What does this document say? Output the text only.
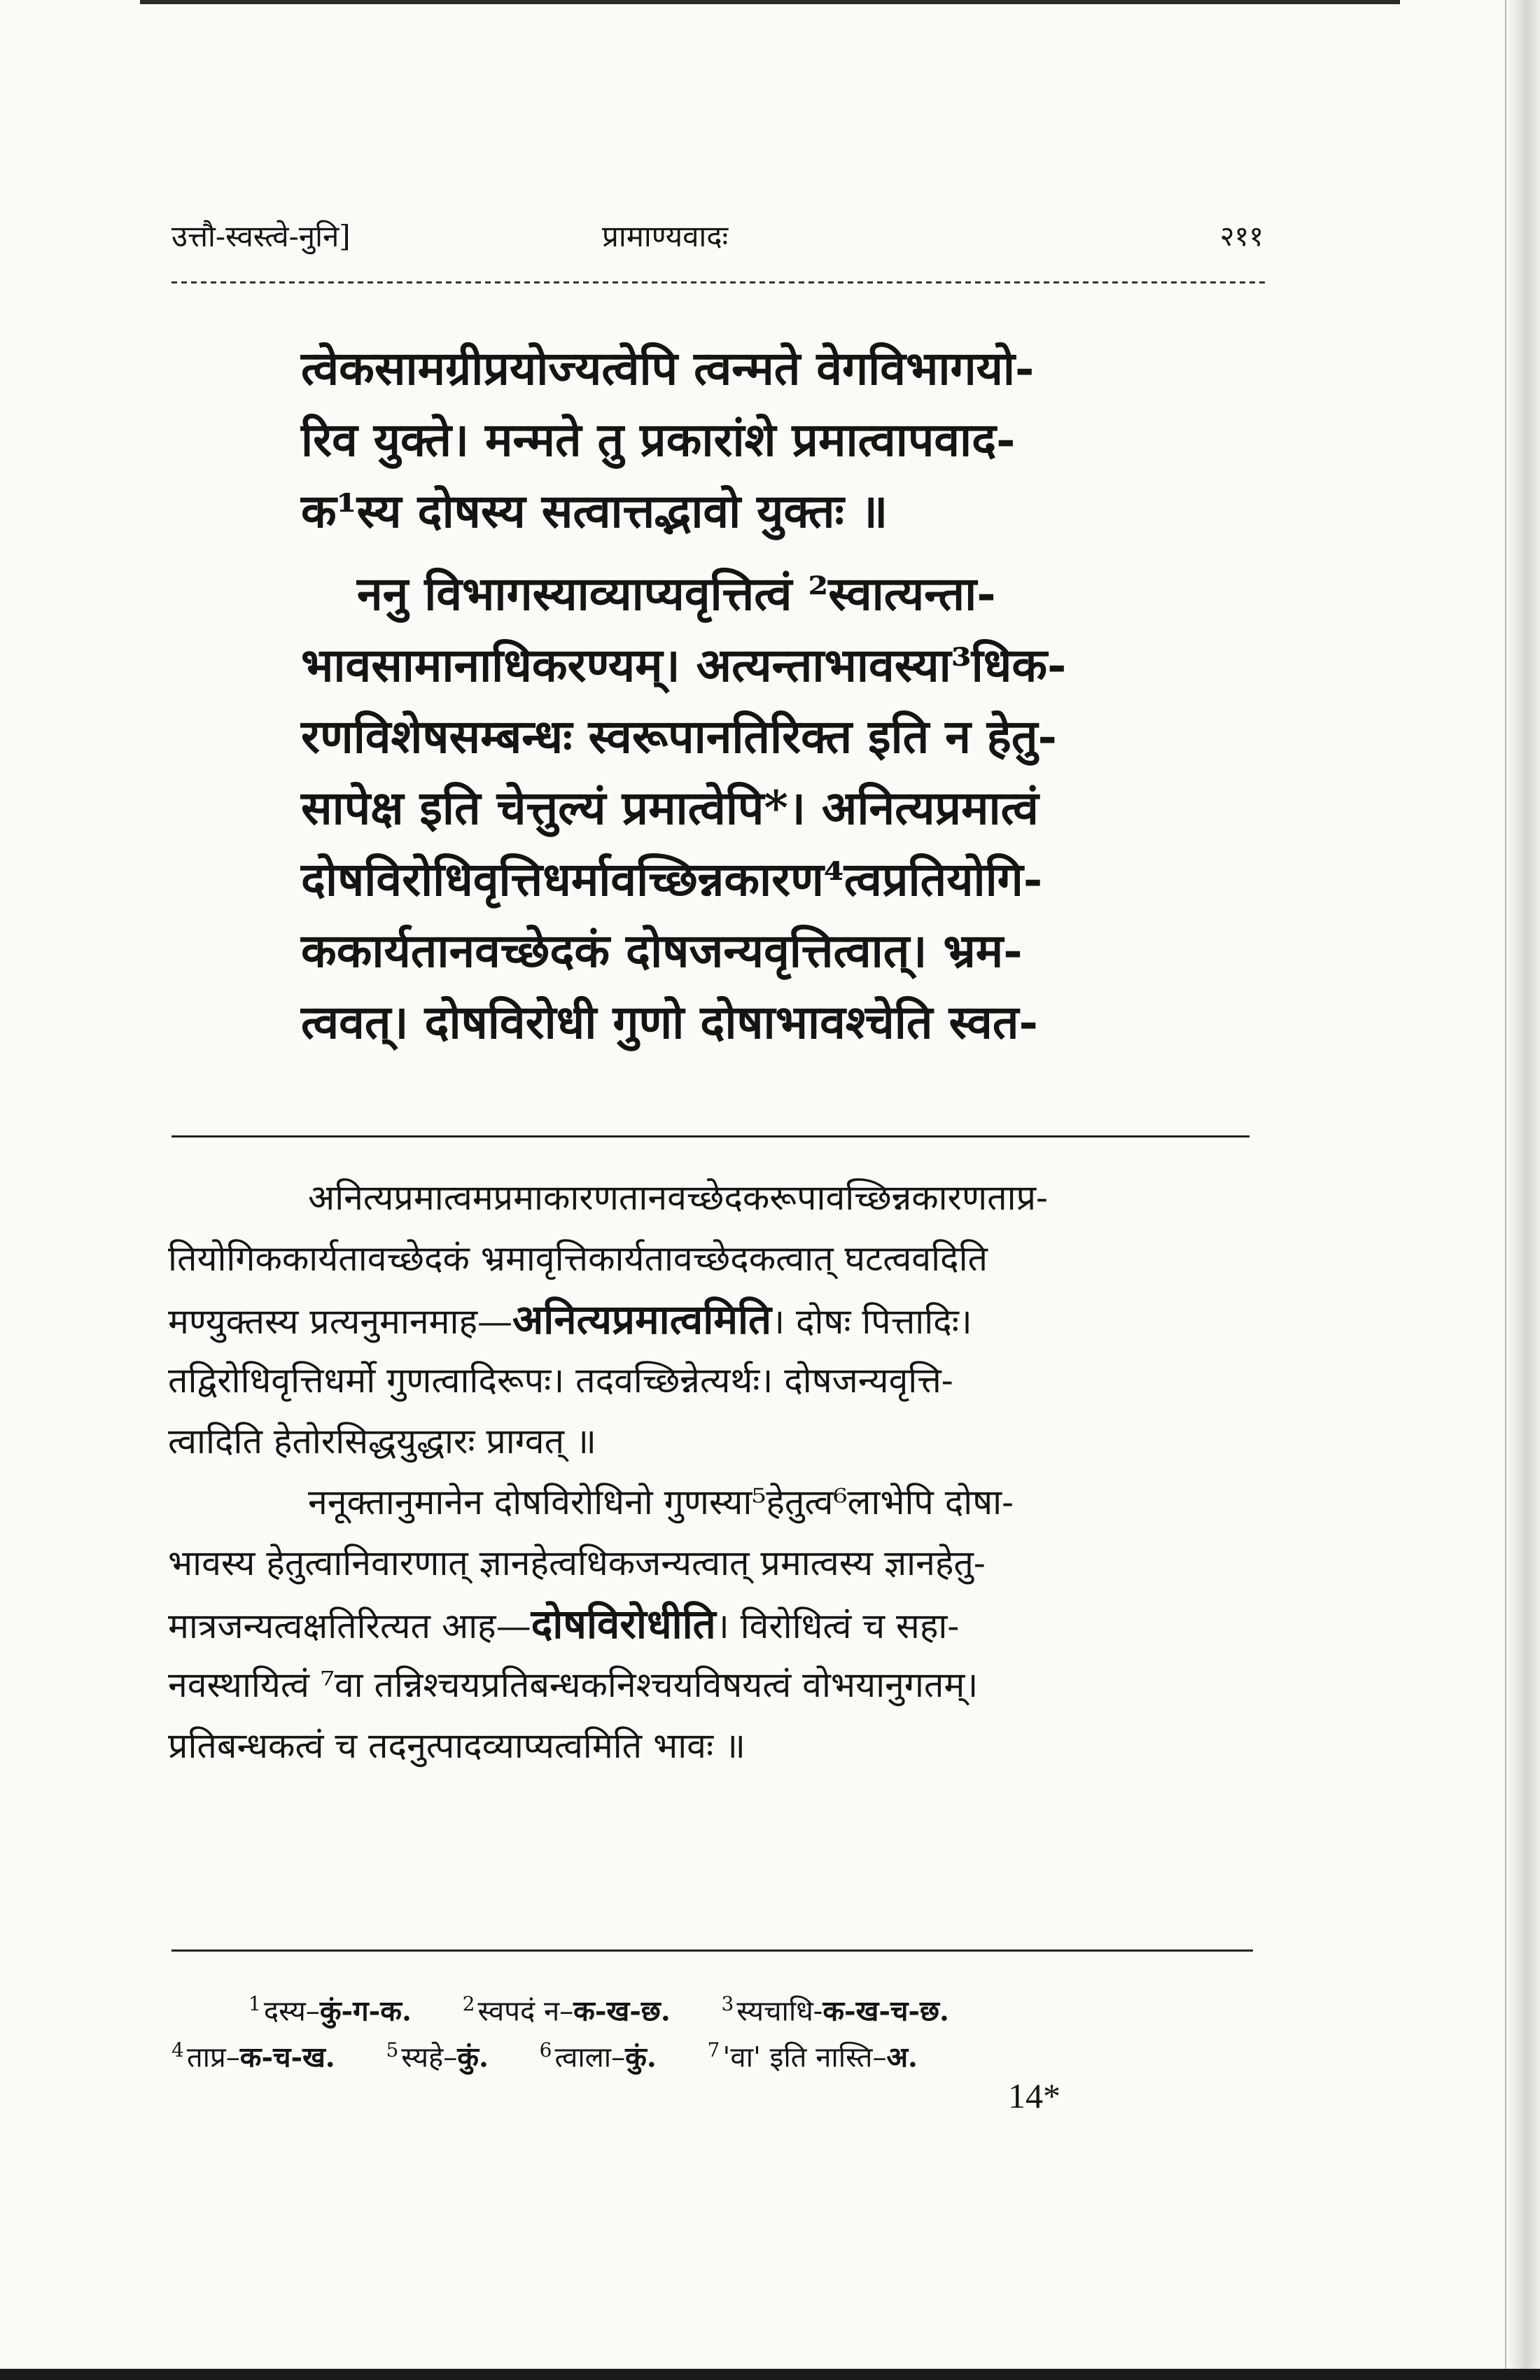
उत्तौ-स्वस्त्वे-नुनि]	प्रामाण्यवादः	२११
त्वेकसामग्रीप्रयोज्यत्वेपि त्वन्मते वेगविभागयो-
रिव युक्ते। मन्मते तु प्रकारांशे प्रमात्वापवाद-
क¹स्य दोषस्य सत्वात्तद्भावो युक्तः ॥
ननु विभागस्याव्याप्यवृत्तित्वं ²स्वात्यन्ता-
भावसामानाधिकरण्यम्। अत्यन्ताभावस्या³धिक-
रणविशेषसम्बन्धः स्वरूपानतिरिक्त इति न हेतु-
सापेक्ष इति चेत्तुल्यं प्रमात्वेपि*। अनित्यप्रमात्वं
दोषविरोधिवृत्तिधर्मावच्छिन्नकारण⁴त्वप्रतियोगि-
ककार्यतानवच्छेदकं दोषजन्यवृत्तित्वात्। भ्रम-
त्ववत्। दोषविरोधी गुणो दोषाभावश्चेति स्वत-
अनित्यप्रमात्वमप्रमाकारणतानवच्छेदकरूपावच्छिन्नकारणताप्र-
तियोगिककार्यतावच्छेदकं भ्रमावृत्तिकार्यतावच्छेदकत्वात् घटत्ववदिति
मण्युक्तस्य प्रत्यनुमानमाह—अनित्यप्रमात्वमिति। दोषः पित्तादिः।
तद्विरोधिवृत्तिधर्मो गुणत्वादिरूपः। तदवच्छिन्नेत्यर्थः। दोषजन्यवृत्ति-
त्वादिति हेतोरसिद्धयुद्धारः प्राग्वत् ॥
ननूक्तानुमानेन दोषविरोधिनो गुणस्या⁵हेतुत्व⁶लाभेपि दोषा-
भावस्य हेतुत्वानिवारणात् ज्ञानहेत्वधिकजन्यत्वात् प्रमात्वस्य ज्ञानहेतु-
मात्रजन्यत्वक्षतिरित्यत आह—दोषविरोधीति। विरोधित्वं च सहा-
नवस्थायित्वं ⁷वा तन्निश्चयप्रतिबन्धकनिश्चयविषयत्वं वोभयानुगतम्।
प्रतिबन्धकत्वं च तदनुत्पादव्याप्यत्वमिति भावः ॥
$^1$ दस्य–कुं-ग-क.	$^2$ स्वपदं न–क-ख-छ.	$^3$ स्यचाधि-क-ख-च-छ.
$^4$ ताप्र–क-च-ख.	$^5$ स्यहे–कुं.	$^6$ त्वाला–कुं.	$^7$ 'वा' इति नास्ति–अ.
14*
